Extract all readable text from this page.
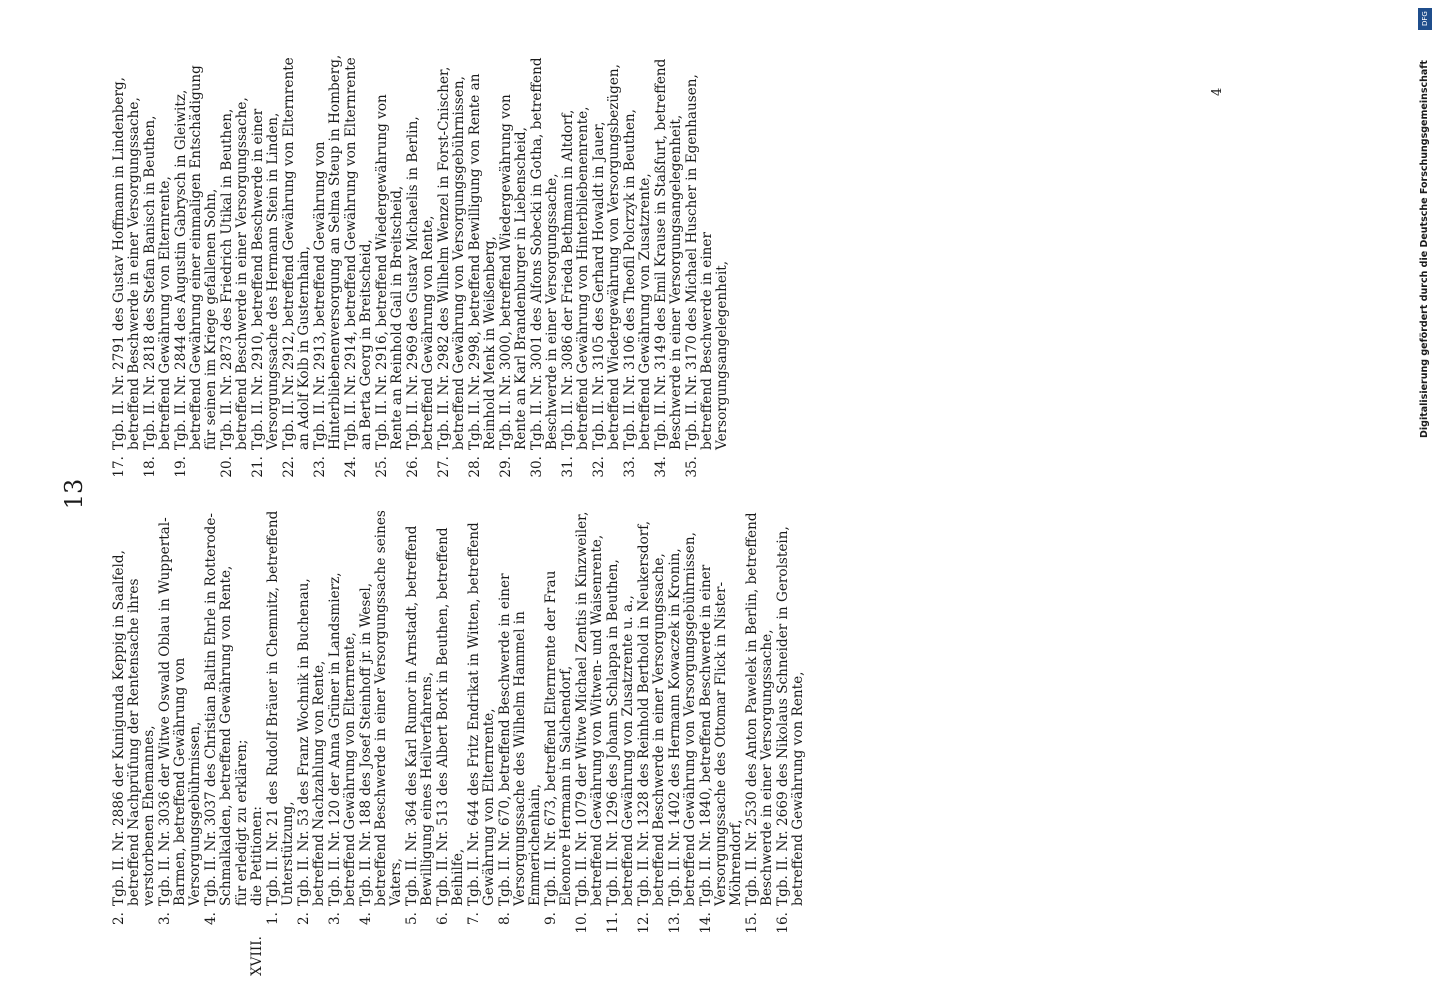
13
2.
Tgb. II. Nr. 2886 der Kunigunda Keppig in Saalfeld, betreffend Nachprüfung der Rentensache ihres verstorbenen Ehemannes,
3.
Tgb. II. Nr. 3036 der Witwe Oswald Oblau in Wuppertal-Barmen, betreffend Gewährung von Versorgungsgebührnissen,
4.
Tgb. II. Nr. 3037 des Christian Baltin Ehrle in Rotterode-Schmalkalden, betreffend Gewährung von Rente, für erledigt zu erklären;
XVIII.
die Petitionen:
1.
Tgb. II. Nr. 21 des Rudolf Bräuer in Chemnitz, betreffend Unterstützung,
2.
Tgb. II. Nr. 53 des Franz Wochnik in Buchenau, betreffend Nachzahlung von Rente,
3.
Tgb. II. Nr. 120 der Anna Grüner in Landsmierz, betreffend Gewährung von Elternrente,
4.
Tgb. II. Nr. 188 des Josef Steinhoff jr. in Wesel, betreffend Beschwerde in einer Versorgungssache seines Vaters,
5.
Tgb. II. Nr. 364 des Karl Rumor in Arnstadt, betreffend Bewilligung eines Heilverfahrens,
6.
Tgb. II. Nr. 513 des Albert Bork in Beuthen, betreffend Beihilfe,
7.
Tgb. II. Nr. 644 des Fritz Endrikat in Witten, betreffend Gewährung von Elternrente,
8.
Tgb. II. Nr. 670, betreffend Beschwerde in einer Versorgungssache des Wilhelm Hammel in Emmerichenhain,
9.
Tgb. II. Nr. 673, betreffend Elternrente der Frau Eleonore Hermann in Salchendorf,
10.
Tgb. II. Nr. 1079 der Witwe Michael Zentis in Kinzweiler, betreffend Gewährung von Witwen- und Waisenrente,
11.
Tgb. II. Nr. 1296 des Johann Schlappa in Beuthen, betreffend Gewährung von Zusatzrente u. a.,
12.
Tgb. II. Nr. 1328 des Reinhold Berthold in Neukersdorf, betreffend Beschwerde in einer Versorgungssache,
13.
Tgb. II. Nr. 1402 des Hermann Kowaczek in Kronin, betreffend Gewährung von Versorgungsgebührnissen,
14.
Tgb. II. Nr. 1840, betreffend Beschwerde in einer Versorgungssache des Ottomar Flick in Nister-Möhrendorf,
15.
Tgb. II. Nr. 2530 des Anton Pawelek in Berlin, betreffend Beschwerde in einer Versorgungssache,
16.
Tgb. II. Nr. 2669 des Nikolaus Schneider in Gerolstein, betreffend Gewährung von Rente,
17.
Tgb. II. Nr. 2791 des Gustav Hoffmann in Lindenberg, betreffend Beschwerde in einer Versorgungssache,
18.
Tgb. II. Nr. 2818 des Stefan Banisch in Beuthen, betreffend Gewährung von Elternrente,
19.
Tgb. II. Nr. 2844 des Augustin Gabrysch in Gleiwitz, betreffend Gewährung einer einmaligen Entschädigung für seinen im Kriege gefallenen Sohn,
20.
Tgb. II. Nr. 2873 des Friedrich Utikal in Beuthen, betreffend Beschwerde in einer Versorgungssache,
21.
Tgb. II. Nr. 2910, betreffend Beschwerde in einer Versorgungssache des Hermann Stein in Linden,
22.
Tgb. II. Nr. 2912, betreffend Gewährung von Elternrente an Adolf Kolb in Gusternhain,
23.
Tgb. II. Nr. 2913, betreffend Gewährung von Hinterbliebenenversorgung an Selma Steup in Homberg,
24.
Tgb. II. Nr. 2914, betreffend Gewährung von Elternrente an Berta Georg in Breitscheid,
25.
Tgb. II. Nr. 2916, betreffend Wiedergewährung von Rente an Reinhold Gail in Breitscheid,
26.
Tgb. II. Nr. 2969 des Gustav Michaelis in Berlin, betreffend Gewährung von Rente,
27.
Tgb. II. Nr. 2982 des Wilhelm Wenzel in Forst-Cnischer, betreffend Gewährung von Versorgungsgebührnissen,
28.
Tgb. II. Nr. 2998, betreffend Bewilligung von Rente an Reinhold Menk in Weißenberg,
29.
Tgb. II. Nr. 3000, betreffend Wiedergewährung von Rente an Karl Brandenburger in Liebenscheid,
30.
Tgb. II. Nr. 3001 des Alfons Sobecki in Gotha, betreffend Beschwerde in einer Versorgungssache,
31.
Tgb. II. Nr. 3086 der Frieda Bethmann in Altdorf, betreffend Gewährung von Hinterbliebenenrente,
32.
Tgb. II. Nr. 3105 des Gerhard Howaldt in Jauer, betreffend Wiedergewährung von Versorgungsbezügen,
33.
Tgb. II. Nr. 3106 des Theofil Polcrzyk in Beuthen, betreffend Gewährung von Zusatzrente,
34.
Tgb. II. Nr. 3149 des Emil Krause in Staßfurt, betreffend Beschwerde in einer Versorgungsangelegenheit,
35.
Tgb. II. Nr. 3170 des Michael Huscher in Egenhausen, betreffend Beschwerde in einer Versorgungsangelegenheit,
4
DFG
Digitalisierung gefördert durch die Deutsche Forschungsgemeinschaft
